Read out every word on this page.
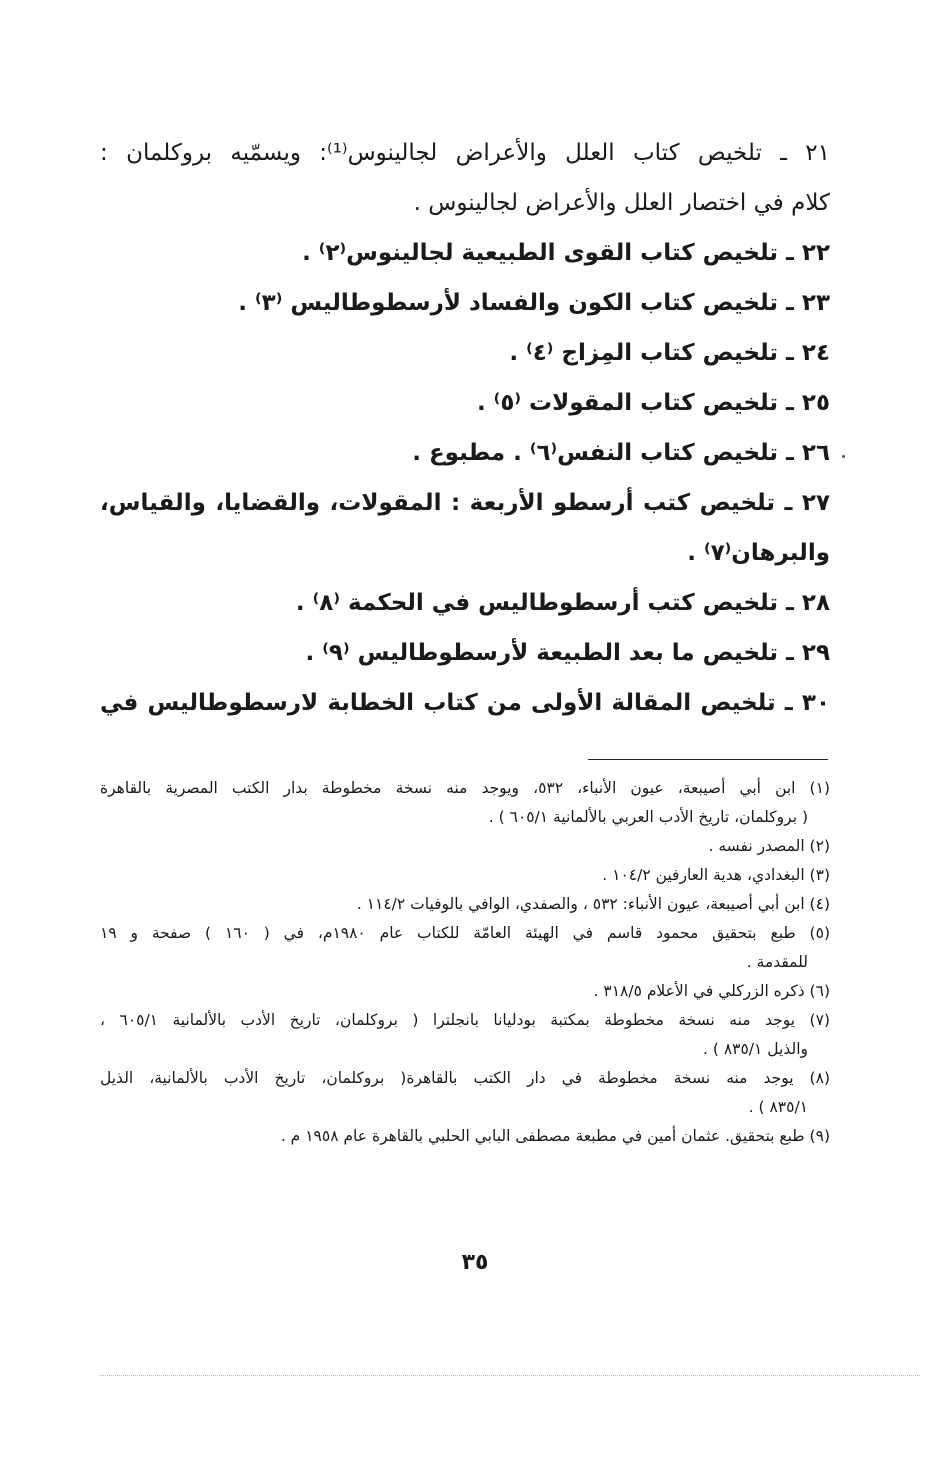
٢١ ـ تلخيص كتاب العلل والأعراض لجالينوس⁽¹⁾: ويسمّيه بروكلمان :
كلام في اختصار العلل والأعراض لجالينوس .
٢٢ ـ تلخيص كتاب القوى الطبيعية لجالينوس⁽٢⁾ .
٢٣ ـ تلخيص كتاب الكون والفساد لأرسطوطاليس ⁽٣⁾ .
٢٤ ـ تلخيص كتاب المِزاج ⁽٤⁾ .
٢٥ ـ تلخيص كتاب المقولات ⁽٥⁾ .
٢٦ ـ تلخيص كتاب النفس⁽٦⁾ . مطبوع .
٢٧ ـ تلخيص كتب أرسطو الأربعة : المقولات، والقضايا، والقياس،
والبرهان⁽٧⁾ .
٢٨ ـ تلخيص كتب أرسطوطاليس في الحكمة ⁽٨⁾ .
٢٩ ـ تلخيص ما بعد الطبيعة لأرسطوطاليس ⁽٩⁾ .
٣٠ ـ تلخيص المقالة الأولى من كتاب الخطابة لارسطوطاليس في
(١) ابن أبي أصيبعة، عيون الأنباء، ٥٣٢، ويوجد منه نسخة مخطوطة بدار الكتب المصرية بالقاهرة
( بروكلمان، تاريخ الأدب العربي بالألمانية ٦٠٥/١ ) .
(٢) المصدر نفسه .
(٣) البغدادي، هدية العارفين ١٠٤/٢ .
(٤) ابن أبي أصيبعة، عيون الأنباء: ٥٣٢ ، والصفدي، الوافي بالوفيات ١١٤/٢ .
(٥) طبع بتحقيق محمود قاسم في الهيئة العامّة للكتاب عام ١٩٨٠م، في ( ١٦٠ ) صفحة و ١٩
للمقدمة .
(٦) ذكره الزركلي في الأعلام ٣١٨/٥ .
(٧) يوجد منه نسخة مخطوطة بمكتبة بودليانا بانجلترا ( بروكلمان، تاريخ الأدب بالألمانية ٦٠٥/١ ،
والذيل ٨٣٥/١ ) .
(٨) يوجد منه نسخة مخطوطة في دار الكتب بالقاهرة( بروكلمان، تاريخ الأدب بالألمانية، الذيل
٨٣٥/١ ) .
(٩) طبع بتحقيق. عثمان أمين في مطبعة مصطفى البابي الحلبي بالقاهرة عام ١٩٥٨ م .
٣٥
